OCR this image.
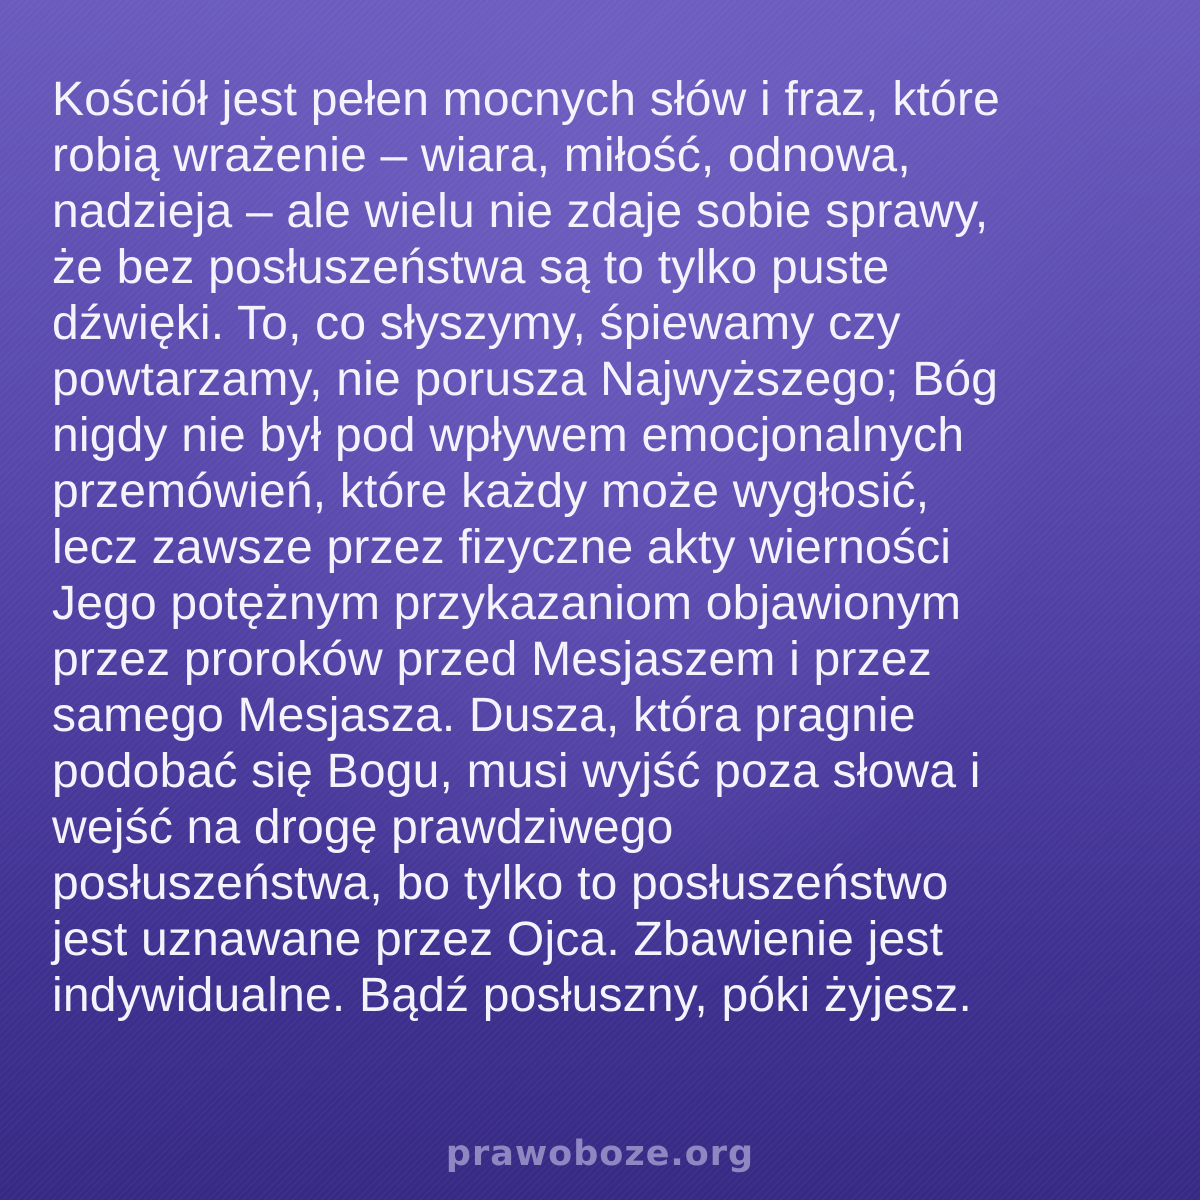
Kościół jest pełen mocnych słów i fraz, które
robią wrażenie – wiara, miłość, odnowa,
nadzieja – ale wielu nie zdaje sobie sprawy,
że bez posłuszeństwa są to tylko puste
dźwięki. To, co słyszymy, śpiewamy czy
powtarzamy, nie porusza Najwyższego; Bóg
nigdy nie był pod wpływem emocjonalnych
przemówień, które każdy może wygłosić,
lecz zawsze przez fizyczne akty wierności
Jego potężnym przykazaniom objawionym
przez proroków przed Mesjaszem i przez
samego Mesjasza. Dusza, która pragnie
podobać się Bogu, musi wyjść poza słowa i
wejść na drogę prawdziwego
posłuszeństwa, bo tylko to posłuszeństwo
jest uznawane przez Ojca. Zbawienie jest
indywidualne. Bądź posłuszny, póki żyjesz.

prawoboze.org
